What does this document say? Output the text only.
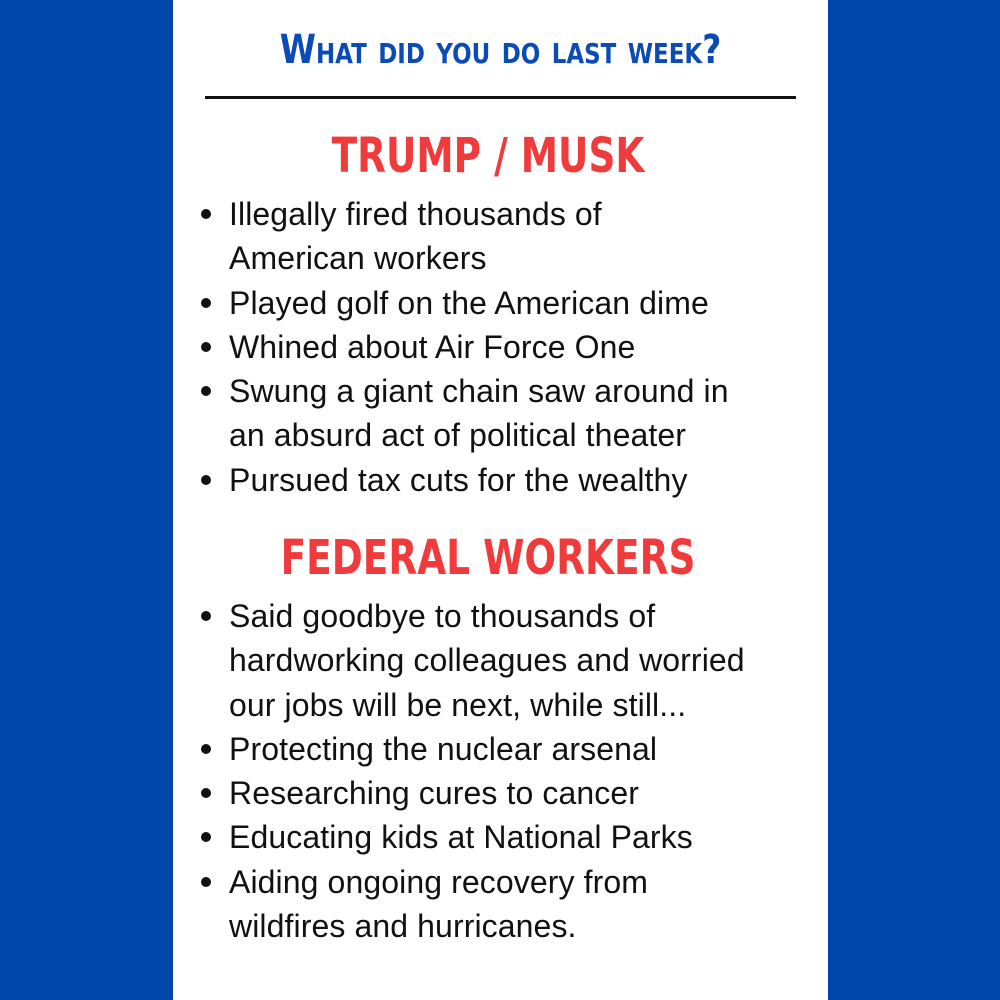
What did you do last week?
TRUMP / MUSK
Illegally fired thousands of
American workers
Played golf on the American dime
Whined about Air Force One
Swung a giant chain saw around in
an absurd act of political theater
Pursued tax cuts for the wealthy
FEDERAL WORKERS
Said goodbye to thousands of
hardworking colleagues and worried
our jobs will be next, while still...
Protecting the nuclear arsenal
Researching cures to cancer
Educating kids at National Parks
Aiding ongoing recovery from
wildfires and hurricanes.
